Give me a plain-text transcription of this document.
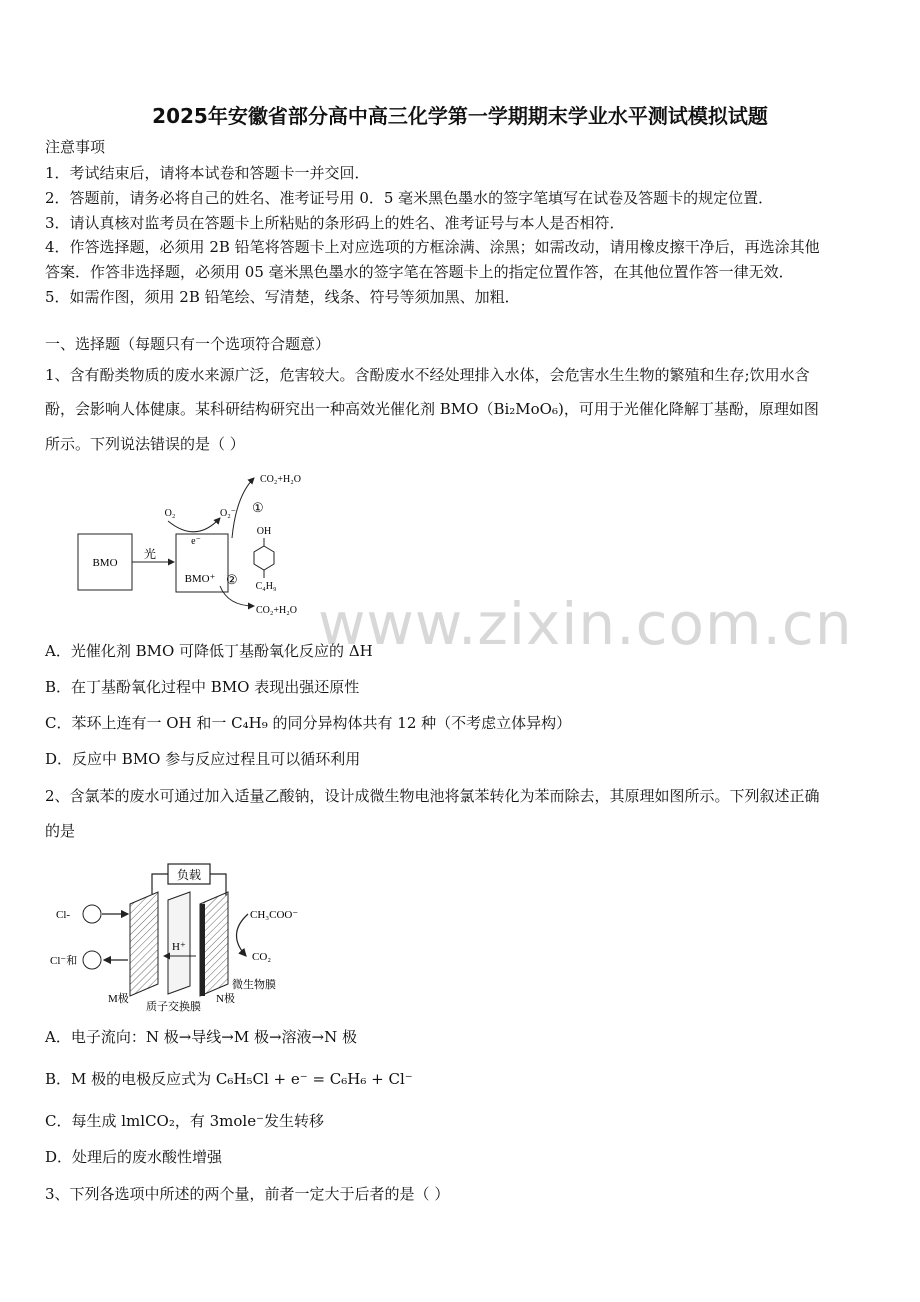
2025年安徽省部分高中高三化学第一学期期末学业水平测试模拟试题
注意事项
1．考试结束后，请将本试卷和答题卡一并交回．
2．答题前，请务必将自己的姓名、准考证号用 0．5 毫米黑色墨水的签字笔填写在试卷及答题卡的规定位置．
3．请认真核对监考员在答题卡上所粘贴的条形码上的姓名、准考证号与本人是否相符．
4．作答选择题，必须用 2B 铅笔将答题卡上对应选项的方框涂满、涂黑；如需改动，请用橡皮擦干净后，再选涂其他
答案．作答非选择题，必须用 05 毫米黑色墨水的签字笔在答题卡上的指定位置作答，在其他位置作答一律无效．
5．如需作图，须用 2B 铅笔绘、写清楚，线条、符号等须加黑、加粗．
一、选择题（每题只有一个选项符合题意）
1、含有酚类物质的废水来源广泛，危害较大。含酚废水不经处理排入水体，会危害水生生物的繁殖和生存;饮用水含
酚，会影响人体健康。某科研结构研究出一种高效光催化剂 BMO（Bi₂MoO₆)，可用于光催化降解丁基酚，原理如图
所示。下列说法错误的是（ ）
BMO
光
e⁻
BMO⁺
O₂	O₂⁻
CO₂+H₂O
①
OH
C₄H₉
②
CO₂+H₂O www.zixin.com.cn
A．光催化剂 BMO 可降低丁基酚氧化反应的 ΔH
B．在丁基酚氧化过程中 BMO 表现出强还原性
C．苯环上连有一 OH 和一 C₄H₉ 的同分异构体共有 12 种（不考虑立体异构）
D．反应中 BMO 参与反应过程且可以循环利用
2、含氯苯的废水可通过加入适量乙酸钠，设计成微生物电池将氯苯转化为苯而除去，其原理如图所示。下列叙述正确
的是
负载
Cl-
Cl⁻和
H⁺
CH₃COO⁻
CO₂
M极
质子交换膜
N极
微生物膜
A．电子流向：N 极→导线→M 极→溶液→N 极
B．M 极的电极反应式为 C₆H₅Cl + e⁻ = C₆H₆ + Cl⁻
C．每生成 lmlCO₂，有 3mole⁻发生转移
D．处理后的废水酸性增强
3、下列各选项中所述的两个量，前者一定大于后者的是（ ）
